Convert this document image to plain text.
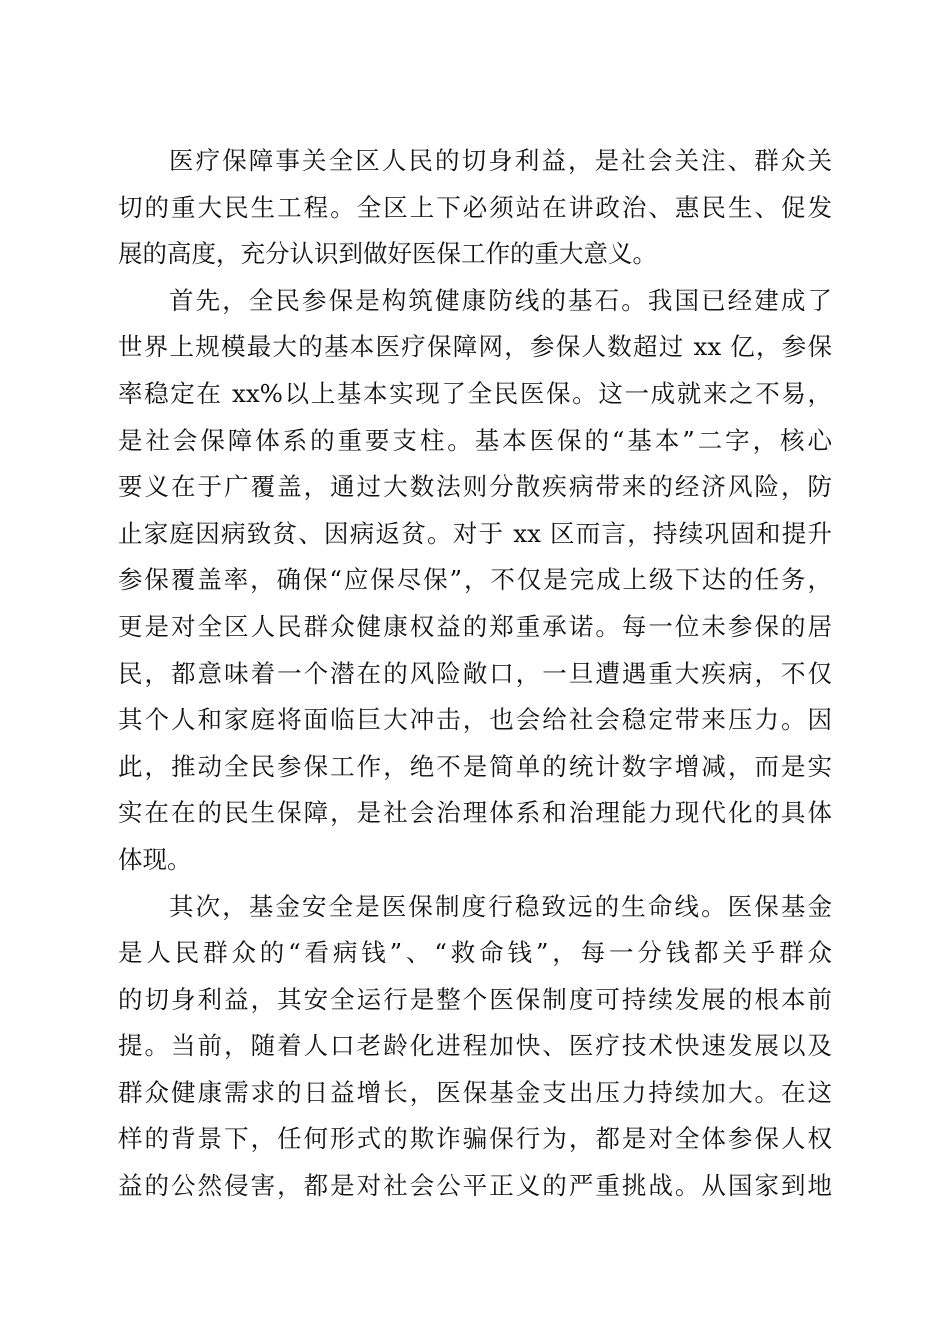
医疗保障事关全区人民的切身利益，是社会关注、群众关
切的重大民生工程。全区上下必须站在讲政治、惠民生、促发
展的高度，充分认识到做好医保工作的重大意义。
首先，全民参保是构筑健康防线的基石。我国已经建成了
世界上规模最大的基本医疗保障网，参保人数超过 xx 亿，参保
率稳定在 xx%以上基本实现了全民医保。这一成就来之不易，
是社会保障体系的重要支柱。基本医保的“基本”二字，核心
要义在于广覆盖，通过大数法则分散疾病带来的经济风险，防
止家庭因病致贫、因病返贫。对于 xx 区而言，持续巩固和提升
参保覆盖率，确保“应保尽保”，不仅是完成上级下达的任务，
更是对全区人民群众健康权益的郑重承诺。每一位未参保的居
民，都意味着一个潜在的风险敞口，一旦遭遇重大疾病，不仅
其个人和家庭将面临巨大冲击，也会给社会稳定带来压力。因
此，推动全民参保工作，绝不是简单的统计数字增减，而是实
实在在的民生保障，是社会治理体系和治理能力现代化的具体
体现。
其次，基金安全是医保制度行稳致远的生命线。医保基金
是人民群众的“看病钱”、“救命钱”，每一分钱都关乎群众
的切身利益，其安全运行是整个医保制度可持续发展的根本前
提。当前，随着人口老龄化进程加快、医疗技术快速发展以及
群众健康需求的日益增长，医保基金支出压力持续加大。在这
样的背景下，任何形式的欺诈骗保行为，都是对全体参保人权
益的公然侵害，都是对社会公平正义的严重挑战。从国家到地
